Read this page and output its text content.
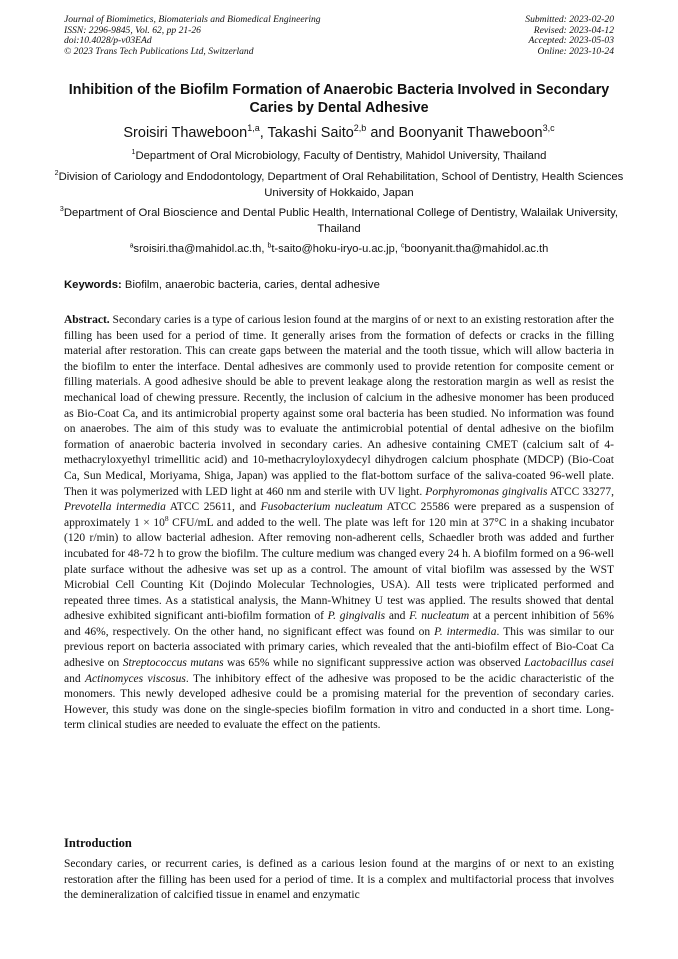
Journal of Biomimetics, Biomaterials and Biomedical Engineering
ISSN: 2296-9845, Vol. 62, pp 21-26
doi:10.4028/p-v03EAd
© 2023 Trans Tech Publications Ltd, Switzerland
Submitted: 2023-02-20
Revised: 2023-04-12
Accepted: 2023-05-03
Online: 2023-10-24
Inhibition of the Biofilm Formation of Anaerobic Bacteria Involved in Secondary Caries by Dental Adhesive
Sroisiri Thaweboon$^{1,a}$, Takashi Saito$^{2,b}$ and Boonyanit Thaweboon$^{3,c}$
$^1$Department of Oral Microbiology, Faculty of Dentistry, Mahidol University, Thailand
$^2$Division of Cariology and Endodontology, Department of Oral Rehabilitation, School of Dentistry, Health Sciences University of Hokkaido, Japan
$^3$Department of Oral Bioscience and Dental Public Health, International College of Dentistry, Walailak University, Thailand
$^a$sroisiri.tha@mahidol.ac.th, $^b$t-saito@hoku-iryo-u.ac.jp, $^c$boonyanit.tha@mahidol.ac.th
Keywords: Biofilm, anaerobic bacteria, caries, dental adhesive
Abstract. Secondary caries is a type of carious lesion found at the margins of or next to an existing restoration after the filling has been used for a period of time. It generally arises from the formation of defects or cracks in the filling material after restoration. This can create gaps between the material and the tooth tissue, which will allow bacteria in the biofilm to enter the interface. Dental adhesives are commonly used to provide retention for composite cement or filling materials. A good adhesive should be able to prevent leakage along the restoration margin as well as resist the mechanical load of chewing pressure. Recently, the inclusion of calcium in the adhesive monomer has been produced as Bio-Coat Ca, and its antimicrobial property against some oral bacteria has been studied. No information was found on anaerobes. The aim of this study was to evaluate the antimicrobial potential of dental adhesive on the biofilm formation of anaerobic bacteria involved in secondary caries. An adhesive containing CMET (calcium salt of 4-methacryloxyethyl trimellitic acid) and 10-methacryloyloxydecyl dihydrogen calcium phosphate (MDCP) (Bio-Coat Ca, Sun Medical, Moriyama, Shiga, Japan) was applied to the flat-bottom surface of the saliva-coated 96-well plate. Then it was polymerized with LED light at 460 nm and sterile with UV light. Porphyromonas gingivalis ATCC 33277, Prevotella intermedia ATCC 25611, and Fusobacterium nucleatum ATCC 25586 were prepared as a suspension of approximately $1 \times 10^8$ CFU/mL and added to the well. The plate was left for 120 min at 37°C in a shaking incubator (120 r/min) to allow bacterial adhesion. After removing non-adherent cells, Schaedler broth was added and further incubated for 48-72 h to grow the biofilm. The culture medium was changed every 24 h. A biofilm formed on a 96-well plate surface without the adhesive was set up as a control. The amount of vital biofilm was assessed by the WST Microbial Cell Counting Kit (Dojindo Molecular Technologies, USA). All tests were triplicated performed and repeated three times. As a statistical analysis, the Mann-Whitney U test was applied. The results showed that dental adhesive exhibited significant anti-biofilm formation of P. gingivalis and F. nucleatum at a percent inhibition of 56% and 46%, respectively. On the other hand, no significant effect was found on P. intermedia. This was similar to our previous report on bacteria associated with primary caries, which revealed that the anti-biofilm effect of Bio-Coat Ca adhesive on Streptococcus mutans was 65% while no significant suppressive action was observed Lactobacillus casei and Actinomyces viscosus. The inhibitory effect of the adhesive was proposed to be the acidic characteristic of the monomers. This newly developed adhesive could be a promising material for the prevention of secondary caries. However, this study was done on the single-species biofilm formation in vitro and conducted in a short time. Long-term clinical studies are needed to evaluate the effect on the patients.
Introduction
Secondary caries, or recurrent caries, is defined as a carious lesion found at the margins of or next to an existing restoration after the filling has been used for a period of time. It is a complex and multifactorial process that involves the demineralization of calcified tissue in enamel and enzymatic
